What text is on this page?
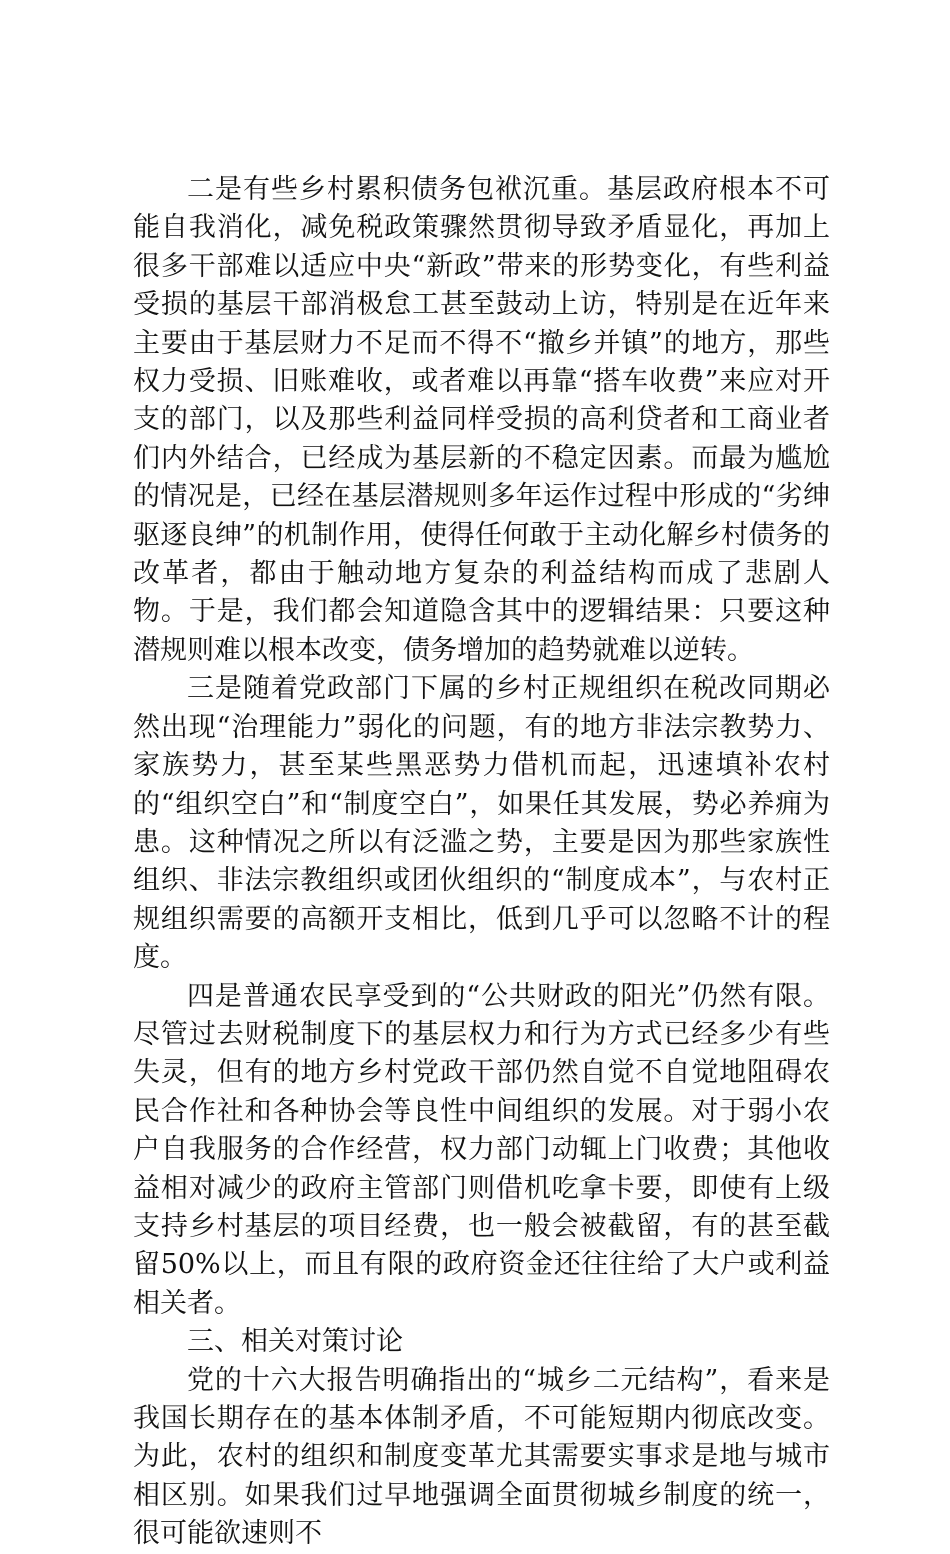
二是有些乡村累积债务包袱沉重。基层政府根本不可能自我消化，减免税政策骤然贯彻导致矛盾显化，再加上很多干部难以适应中央“新政”带来的形势变化，有些利益受损的基层干部消极怠工甚至鼓动上访，特别是在近年来主要由于基层财力不足而不得不“撤乡并镇”的地方，那些权力受损、旧账难收，或者难以再靠“搭车收费”来应对开支的部门，以及那些利益同样受损的高利贷者和工商业者们内外结合，已经成为基层新的不稳定因素。而最为尴尬的情况是，已经在基层潜规则多年运作过程中形成的“劣绅驱逐良绅”的机制作用，使得任何敢于主动化解乡村债务的改革者，都由于触动地方复杂的利益结构而成了悲剧人物。于是，我们都会知道隐含其中的逻辑结果：只要这种潜规则难以根本改变，债务增加的趋势就难以逆转。

三是随着党政部门下属的乡村正规组织在税改同期必然出现“治理能力”弱化的问题，有的地方非法宗教势力、家族势力，甚至某些黑恶势力借机而起，迅速填补农村的“组织空白”和“制度空白”，如果任其发展，势必养痈为患。这种情况之所以有泛滥之势，主要是因为那些家族性组织、非法宗教组织或团伙组织的“制度成本”，与农村正规组织需要的高额开支相比，低到几乎可以忽略不计的程度。

四是普通农民享受到的“公共财政的阳光”仍然有限。尽管过去财税制度下的基层权力和行为方式已经多少有些失灵，但有的地方乡村党政干部仍然自觉不自觉地阻碍农民合作社和各种协会等良性中间组织的发展。对于弱小农户自我服务的合作经营，权力部门动辄上门收费；其他收益相对减少的政府主管部门则借机吃拿卡要，即使有上级支持乡村基层的项目经费，也一般会被截留，有的甚至截留50%以上，而且有限的政府资金还往往给了大户或利益相关者。

三、相关对策讨论

党的十六大报告明确指出的“城乡二元结构”，看来是我国长期存在的基本体制矛盾，不可能短期内彻底改变。为此，农村的组织和制度变革尤其需要实事求是地与城市相区别。如果我们过早地强调全面贯彻城乡制度的统一，很可能欲速则不
